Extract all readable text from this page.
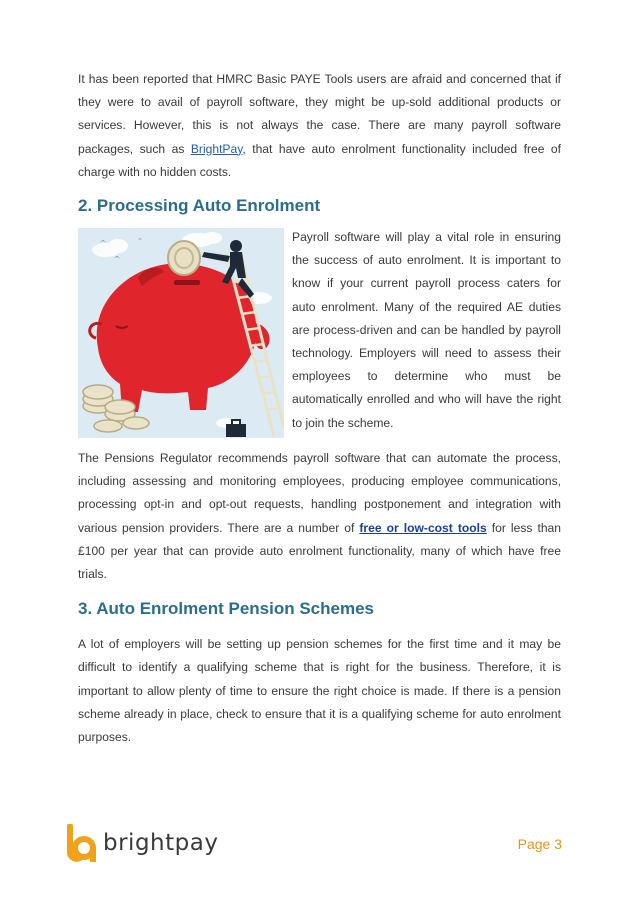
It has been reported that HMRC Basic PAYE Tools users are afraid and concerned that if they were to avail of payroll software, they might be up-sold additional products or services. However, this is not always the case. There are many payroll software packages, such as BrightPay, that have auto enrolment functionality included free of charge with no hidden costs.

2. Processing Auto Enrolment

Payroll software will play a vital role in ensuring the success of auto enrolment. It is important to know if your current payroll process caters for auto enrolment. Many of the required AE duties are process-driven and can be handled by payroll technology. Employers will need to assess their employees to determine who must be automatically enrolled and who will have the right to join the scheme.

The Pensions Regulator recommends payroll software that can automate the process, including assessing and monitoring employees, producing employee communications, processing opt-in and opt-out requests, handling postponement and integration with various pension providers. There are a number of free or low-cost tools for less than £100 per year that can provide auto enrolment functionality, many of which have free trials.

3. Auto Enrolment Pension Schemes

A lot of employers will be setting up pension schemes for the first time and it may be difficult to identify a qualifying scheme that is right for the business. Therefore, it is important to allow plenty of time to ensure the right choice is made. If there is a pension scheme already in place, check to ensure that it is a qualifying scheme for auto enrolment purposes.

brightpay	Page 3
